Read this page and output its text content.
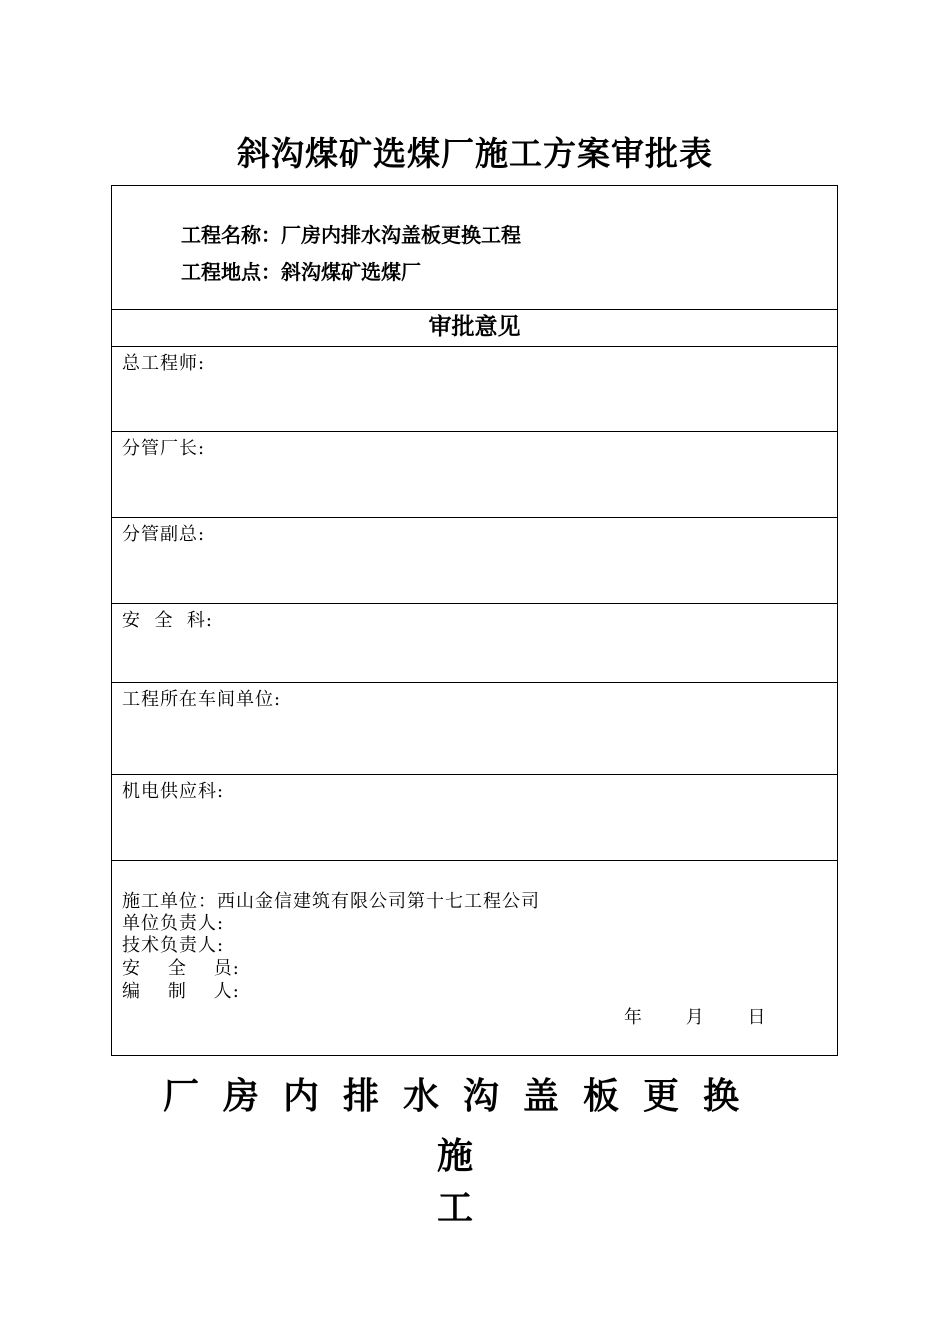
斜沟煤矿选煤厂施工方案审批表
工程名称：厂房内排水沟盖板更换工程
工程地点：斜沟煤矿选煤厂
审批意见
总工程师:
分管厂长:
分管副总:
安  全  科:
工程所在车间单位:
机电供应科:
施工单位：西山金信建筑有限公司第十七工程公司
单位负责人:
技术负责人:
安    全    员:
编    制    人:
年 月 日
厂房内排水沟盖板更换
施
工
